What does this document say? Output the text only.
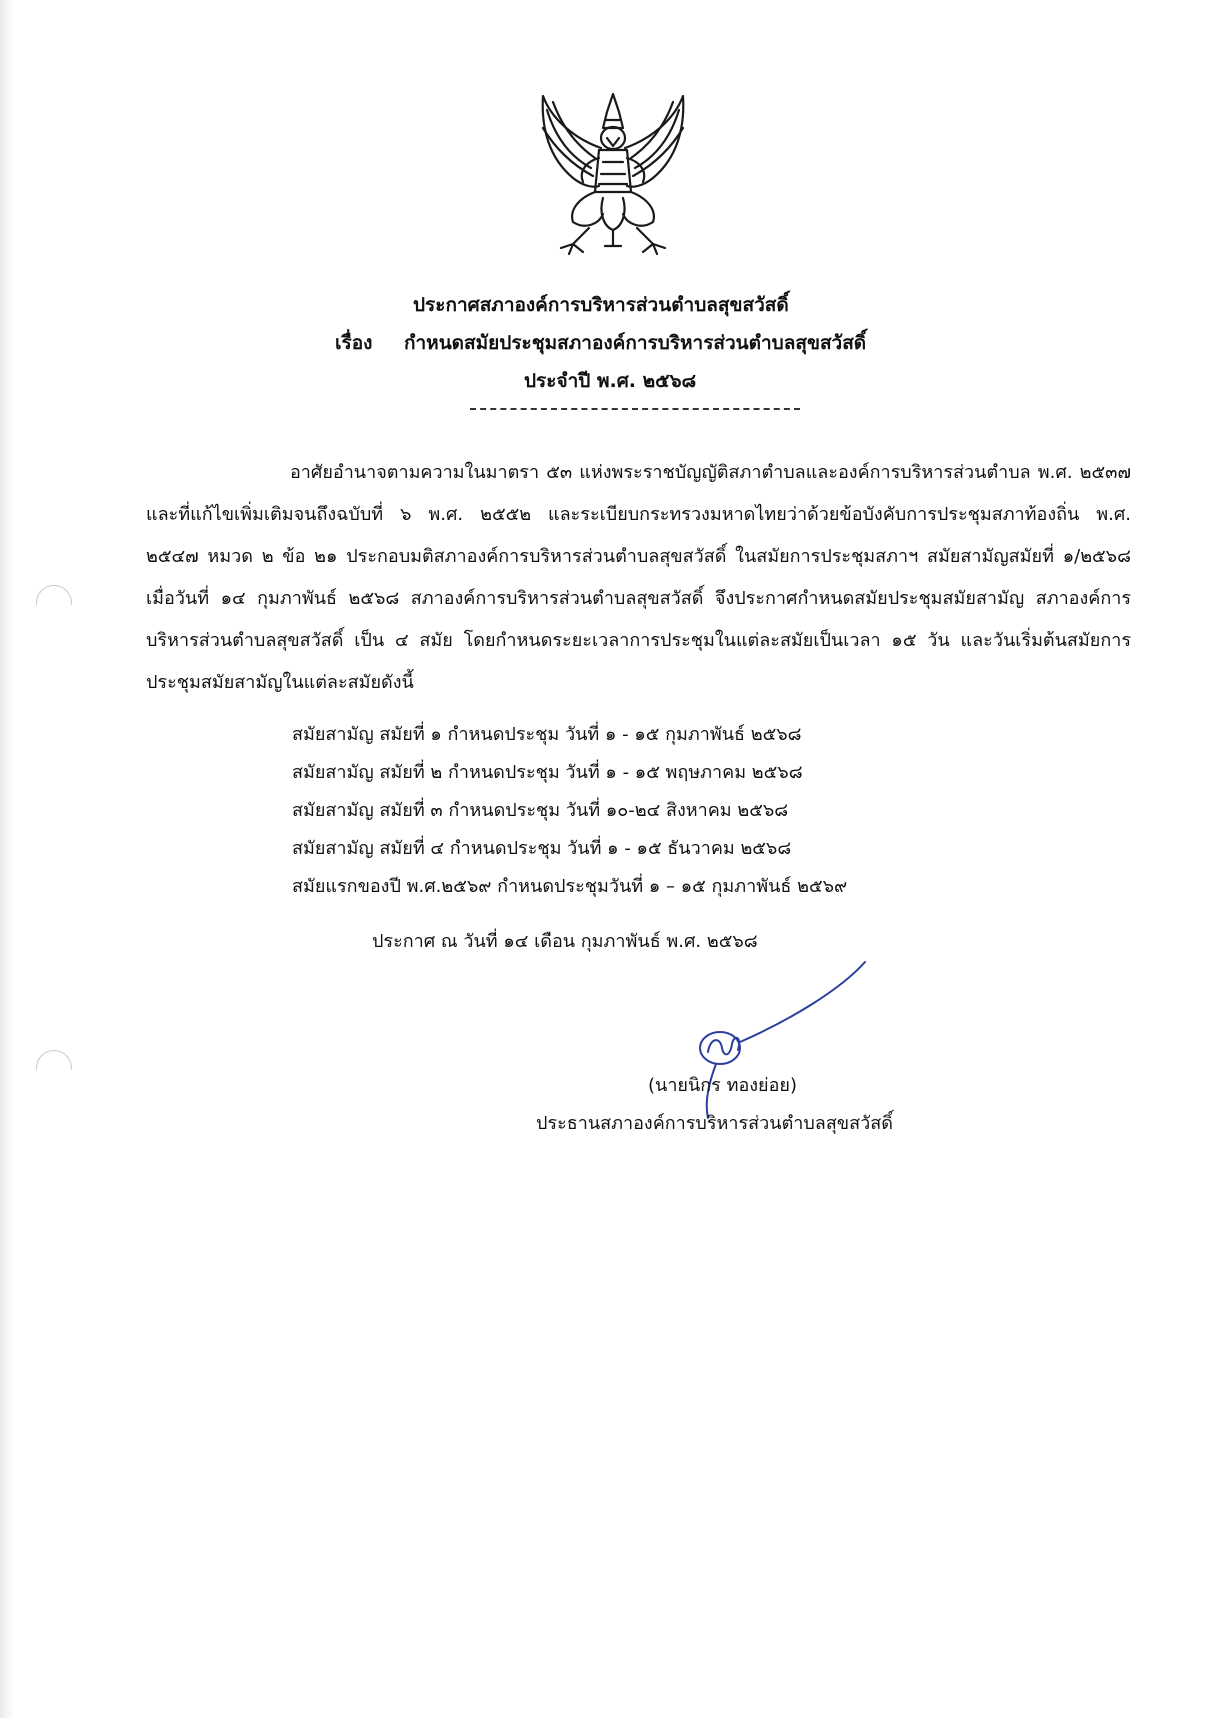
ประกาศสภาองค์การบริหารส่วนตำบลสุขสวัสดิ์
เรื่อง กำหนดสมัยประชุมสภาองค์การบริหารส่วนตำบลสุขสวัสดิ์
ประจำปี พ.ศ. ๒๕๖๘

อาศัยอำนาจตามความในมาตรา ๕๓ แห่งพระราชบัญญัติสภาตำบลและองค์การบริหารส่วนตำบล พ.ศ. ๒๕๓๗ และที่แก้ไขเพิ่มเติมจนถึงฉบับที่ ๖ พ.ศ. ๒๕๕๒ และระเบียบกระทรวงมหาดไทยว่าด้วยข้อบังคับการประชุมสภาท้องถิ่น พ.ศ. ๒๕๔๗ หมวด ๒ ข้อ ๒๑ ประกอบมติสภาองค์การบริหารส่วนตำบลสุขสวัสดิ์ ในสมัยการประชุมสภาฯ สมัยสามัญสมัยที่ ๑/๒๕๖๘ เมื่อวันที่ ๑๔ กุมภาพันธ์ ๒๕๖๘ สภาองค์การบริหารส่วนตำบลสุขสวัสดิ์ จึงประกาศกำหนดสมัยประชุมสมัยสามัญ สภาองค์การบริหารส่วนตำบลสุขสวัสดิ์ เป็น ๔ สมัย โดยกำหนดระยะเวลาการประชุมในแต่ละสมัยเป็นเวลา ๑๕ วัน และวันเริ่มต้นสมัยการประชุมสมัยสามัญในแต่ละสมัยดังนี้

สมัยสามัญ สมัยที่ ๑ กำหนดประชุม วันที่ ๑ - ๑๕ กุมภาพันธ์ ๒๕๖๘
สมัยสามัญ สมัยที่ ๒ กำหนดประชุม วันที่ ๑ - ๑๕ พฤษภาคม ๒๕๖๘
สมัยสามัญ สมัยที่ ๓ กำหนดประชุม วันที่ ๑๐-๒๔ สิงหาคม ๒๕๖๘
สมัยสามัญ สมัยที่ ๔ กำหนดประชุม วันที่ ๑ - ๑๕ ธันวาคม ๒๕๖๘
สมัยแรกของปี พ.ศ.๒๕๖๙ กำหนดประชุมวันที่ ๑ – ๑๕ กุมภาพันธ์ ๒๕๖๙
ประกาศ ณ วันที่ ๑๔ เดือน กุมภาพันธ์ พ.ศ. ๒๕๖๘
(นายนิกร ทองย่อย)
ประธานสภาองค์การบริหารส่วนตำบลสุขสวัสดิ์
